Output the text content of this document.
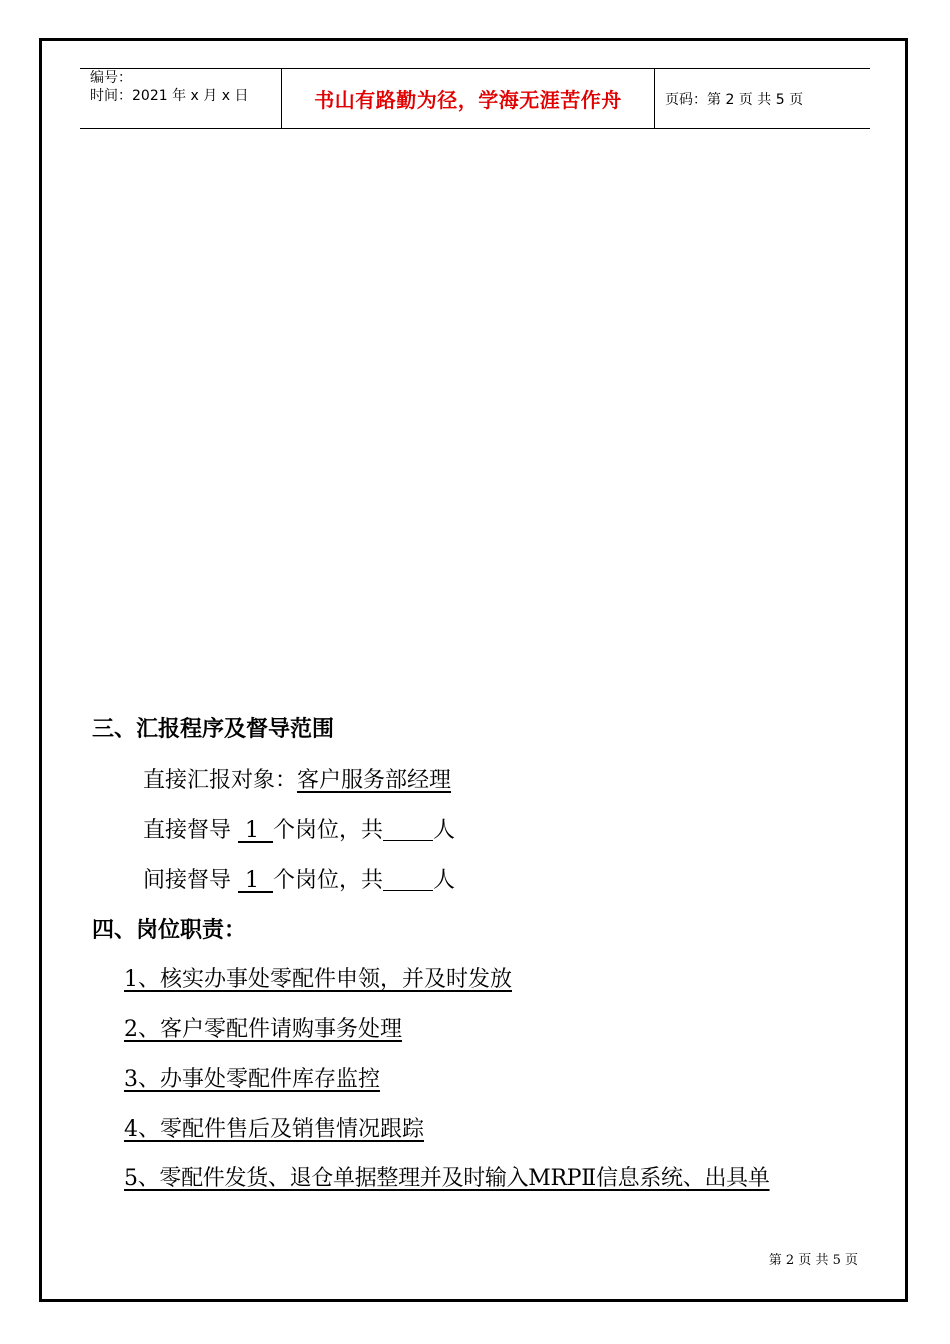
编号：
时间：2021 年 x 月 x 日	书山有路勤为径，学海无涯苦作舟	页码：第 2 页 共 5 页
三、汇报程序及督导范围
直接汇报对象：客户服务部经理
直接督导 1 个岗位，共 人
间接督导 1 个岗位，共 人
四、岗位职责：
1、核实办事处零配件申领，并及时发放
2、客户零配件请购事务处理
3、办事处零配件库存监控
4、零配件售后及销售情况跟踪
5、零配件发货、退仓单据整理并及时输入MRPⅡ信息系统、出具单
第 2 页 共 5 页
